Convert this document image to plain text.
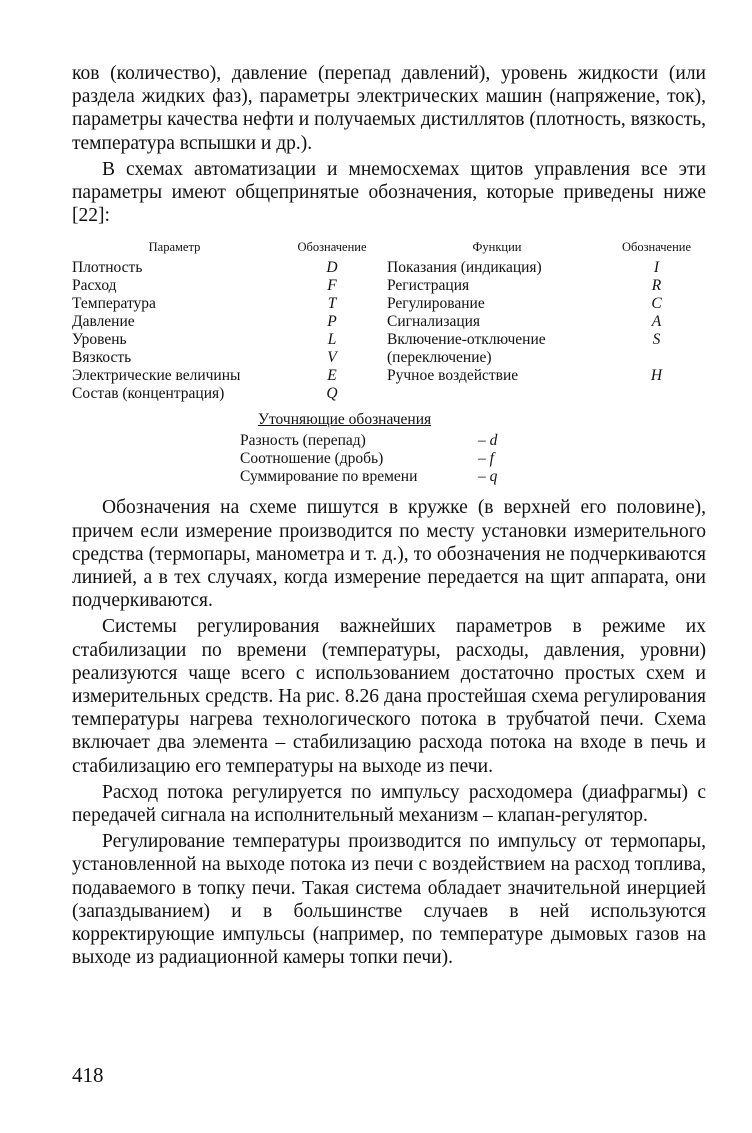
ков (количество), давление (перепад давлений), уровень жидкости (или раздела жидких фаз), параметры электрических машин (напряжение, ток), параметры качества нефти и получаемых дистиллятов (плотность, вязкость, температура вспышки и др.).

В схемах автоматизации и мнемосхемах щитов управления все эти параметры имеют общепринятые обозначения, которые приведены ниже [22]:

Параметр	Обозначение	Функции	Обозначение
Плотность	D	Показания (индикация)	I
Расход	F	Регистрация	R
Температура	T	Регулирование	C
Давление	P	Сигнализация	A
Уровень	L	Включение-отключение	S
Вязкость	V	(переключение)	
Электрические величины	E	Ручное воздействие	H
Состав (концентрация)	Q		
Уточняющие обозначения
Разность (перепад)	– d
Соотношение (дробь)	– f
Суммирование по времени	– q

Обозначения на схеме пишутся в кружке (в верхней его половине), причем если измерение производится по месту установки измерительного средства (термопары, манометра и т. д.), то обозначения не подчеркиваются линией, а в тех случаях, когда измерение передается на щит аппарата, они подчеркиваются.

Системы регулирования важнейших параметров в режиме их стабилизации по времени (температуры, расходы, давления, уровни) реализуются чаще всего с использованием достаточно простых схем и измерительных средств. На рис. 8.26 дана простейшая схема регулирования температуры нагрева технологического потока в трубчатой печи. Схема включает два элемента – стабилизацию расхода потока на входе в печь и стабилизацию его температуры на выходе из печи.

Расход потока регулируется по импульсу расходомера (диафрагмы) с передачей сигнала на исполнительный механизм – клапан-регулятор.

Регулирование температуры производится по импульсу от термопары, установленной на выходе потока из печи с воздействием на расход топлива, подаваемого в топку печи. Такая система обладает значительной инерцией (запаздыванием) и в большинстве случаев в ней используются корректирующие импульсы (например, по температуре дымовых газов на выходе из радиационной камеры топки печи).

418
